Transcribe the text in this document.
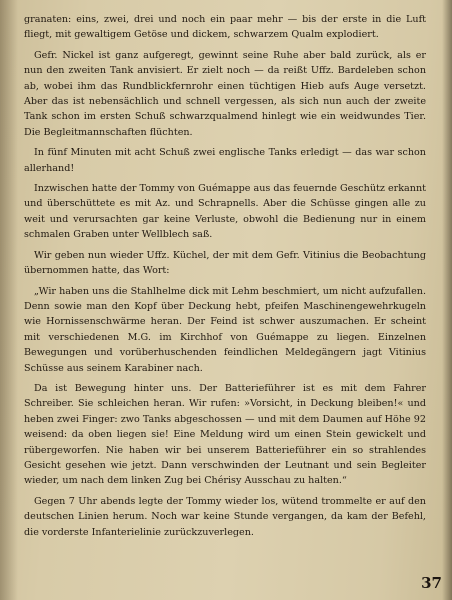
granaten: eins, zwei, drei und noch ein paar mehr — bis der erste in die Luft fliegt, mit gewaltigem Getöse und dickem, schwarzem Qualm explodiert.

Gefr. Nickel ist ganz aufgeregt, gewinnt seine Ruhe aber bald zurück, als er nun den zweiten Tank anvisiert. Er zielt noch — da reißt Uffz. Bardeleben schon ab, wobei ihm das Rundblickfernrohr einen tüchtigen Hieb aufs Auge versetzt. Aber das ist nebensächlich und schnell vergessen, als sich nun auch der zweite Tank schon im ersten Schuß schwarzqualmend hinlegt wie ein weidwundes Tier. Die Begleitmannschaften flüchten.

In fünf Minuten mit acht Schuß zwei englische Tanks erledigt — das war schon allerhand!

Inzwischen hatte der Tommy von Guémappe aus das feuernde Geschütz erkannt und überschüttete es mit Az. und Schrapnells. Aber die Schüsse gingen alle zu weit und verursachten gar keine Verluste, obwohl die Bedienung nur in einem schmalen Graben unter Wellblech saß.

Wir geben nun wieder Uffz. Küchel, der mit dem Gefr. Vitinius die Beobachtung übernommen hatte, das Wort:

„Wir haben uns die Stahlhelme dick mit Lehm beschmiert, um nicht aufzufallen. Denn sowie man den Kopf über Deckung hebt, pfeifen Maschinengewehrkugeln wie Hornissenschwärme heran. Der Feind ist schwer auszumachen. Er scheint mit verschiedenen M.G. im Kirchhof von Guémappe zu liegen. Einzelnen Bewegungen und vorüberhuschenden feindlichen Meldegängern jagt Vitinius Schüsse aus seinem Karabiner nach.

Da ist Bewegung hinter uns. Der Batterieführer ist es mit dem Fahrer Schreiber. Sie schleichen heran. Wir rufen: »Vorsicht, in Deckung bleiben!« und heben zwei Finger: zwo Tanks abgeschossen — und mit dem Daumen auf Höhe 92 weisend: da oben liegen sie! Eine Meldung wird um einen Stein gewickelt und rübergeworfen. Nie haben wir bei unserem Batterieführer ein so strahlendes Gesicht gesehen wie jetzt. Dann verschwinden der Leutnant und sein Begleiter wieder, um nach dem linken Zug bei Chérisy Ausschau zu halten.“

Gegen 7 Uhr abends legte der Tommy wieder los, wütend trommelte er auf den deutschen Linien herum. Noch war keine Stunde vergangen, da kam der Befehl, die vorderste Infanterielinie zurückzuverlegen.

37
